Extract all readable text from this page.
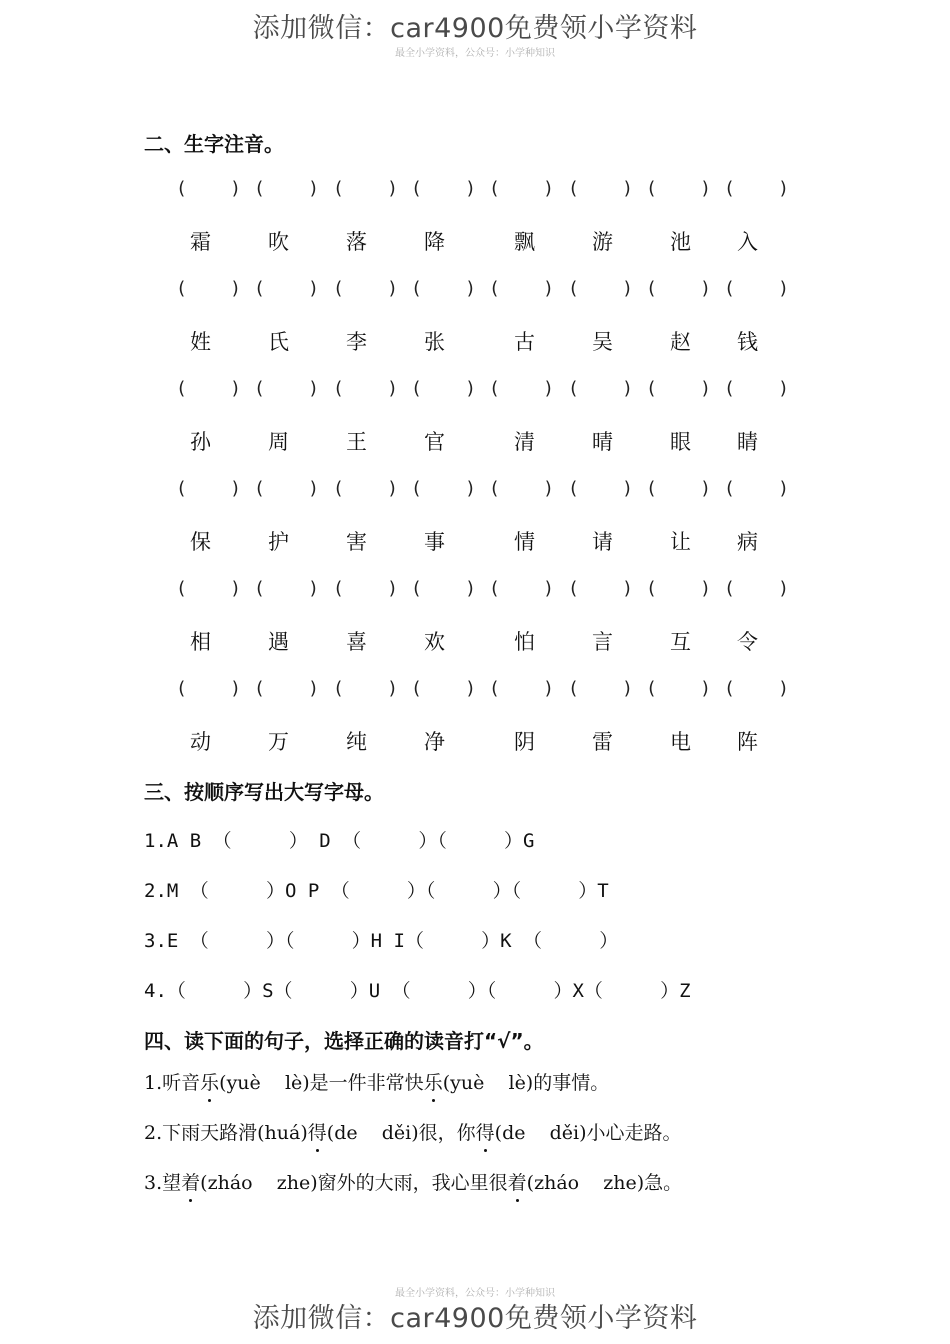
添加微信：car4900免费领小学资料
最全小学资料，公众号：小学种知识
二、生字注音。
(    ) (    ) (    ) (    ) (    ) (    ) (    ) (    )
霜	吹	落	降	飘	游	池 入
(    ) (    ) (    ) (    ) (    ) (    ) (    ) (    )
姓	氏	李	张	古	吴	赵 钱
(    ) (    ) (    ) (    ) (    ) (    ) (    ) (    )
孙	周	王	官	清	晴	眼 睛
(    ) (    ) (    ) (    ) (    ) (    ) (    ) (    )
保	护	害	事	情	请	让 病
(    ) (    ) (    ) (    ) (    ) (    ) (    ) (    )
相	遇	喜	欢	怕	言	互 令
(    ) (    ) (    ) (    ) (    ) (    ) (    ) (    )
动	万	纯	净	阴	雷	电 阵
三、按顺序写出大写字母。
1.A B （     ） D （     ）（     ）G
2.M （     ）O P （     ）（     ）（     ）T
3.E （     ）（     ）H I（     ）K （     ）
4.（     ）S（     ）U （     ）（     ）X（     ）Z
四、读下面的句子，选择正确的读音打“√”。
1.听音乐(yuè    lè)是一件非常快乐(yuè    lè)的事情。
2.下雨天路滑(huá)得(de    děi)很，你得(de    děi)小心走路。
3.望着(zháo    zhe)窗外的大雨，我心里很着(zháo    zhe)急。
最全小学资料，公众号：小学种知识
添加微信：car4900免费领小学资料
